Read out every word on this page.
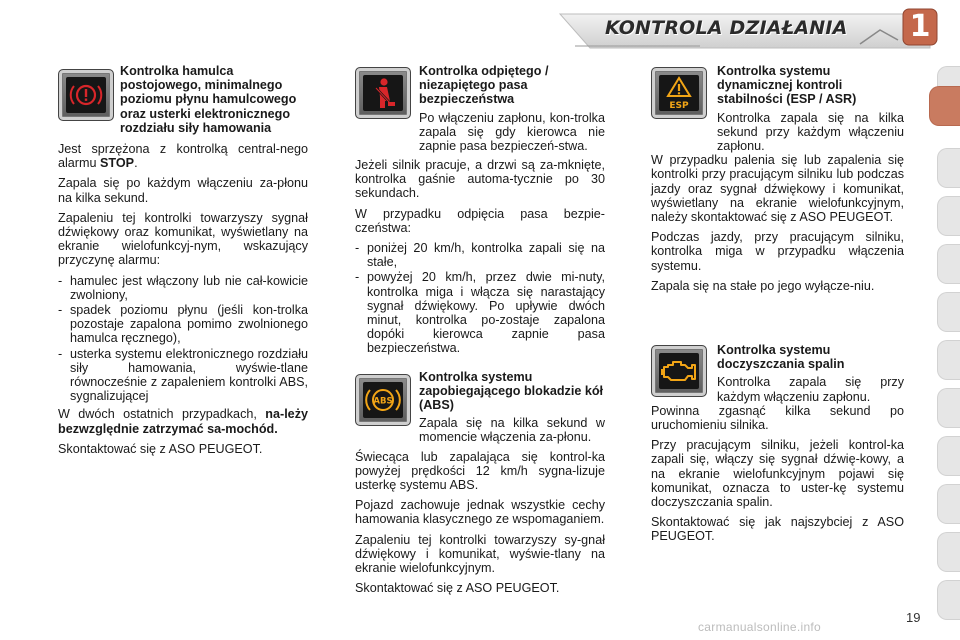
KONTROLA DZIAŁANIA 1
Kontrolka hamulca postojowego, minimalnego poziomu płynu hamulcowego oraz usterki elektronicznego rozdziału siły hamowania

Jest sprzężona z kontrolką central-nego alarmu STOP.

Zapala się po każdym włączeniu za-płonu na kilka sekund.

Zapaleniu tej kontrolki towarzyszy sygnał dźwiękowy oraz komunikat, wyświetlany na ekranie wielofunkcyj-nym, wskazujący przyczynę alarmu:

- hamulec jest włączony lub nie cał-kowicie zwolniony,
- spadek poziomu płynu (jeśli kon-trolka pozostaje zapalona pomimo zwolnionego hamulca ręcznego),
- usterka systemu elektronicznego rozdziału siły hamowania, wyświe-tlane równocześnie z zapaleniem kontrolki ABS, sygnalizującej

W dwóch ostatnich przypadkach, na-leży bezwzględnie zatrzymać sa-mochód.

Skontaktować się z ASO PEUGEOT.

Kontrolka odpiętego / niezapiętego pasa bezpieczeństwa
Po włączeniu zapłonu, kon-trolka zapala się gdy kierowca nie zapnie pasa bezpieczeń-stwa.

Jeżeli silnik pracuje, a drzwi są za-mknięte, kontrolka gaśnie automa-tycznie po 30 sekundach.

W przypadku odpięcia pasa bezpie-czeństwa:

- poniżej 20 km/h, kontrolka zapali się na stałe,
- powyżej 20 km/h, przez dwie mi-nuty, kontrolka miga i włącza się narastający sygnał dźwiękowy. Po upływie dwóch minut, kontrolka po-zostaje zapalona dopóki kierowca zapnie pasa bezpieczeństwa.
ABS
Kontrolka systemu zapobiegającego blokadzie kół (ABS)
Zapala się na kilka sekund w momencie włączenia za-płonu.

Świecąca lub zapalająca się kontrol-ka powyżej prędkości 12 km/h sygna-lizuje usterkę systemu ABS.

Pojazd zachowuje jednak wszystkie cechy hamowania klasycznego ze wspomaganiem.

Zapaleniu tej kontrolki towarzyszy sy-gnał dźwiękowy i komunikat, wyświe-tlany na ekranie wielofunkcyjnym.

Skontaktować się z ASO PEUGEOT.

ESP
Kontrolka systemu dynamicznej kontroli stabilności (ESP / ASR)
Kontrolka zapala się na kilka sekund przy każdym włączeniu zapłonu.

W przypadku palenia się lub zapalenia się kontrolki przy pracującym silniku lub podczas jazdy oraz sygnał dźwiękowy i komunikat, wyświetlany na ekranie wielofunkcyjnym, należy skontaktować się z ASO PEUGEOT.

Podczas jazdy, przy pracującym silniku, kontrolka miga w przypadku włączenia systemu.

Zapala się na stałe po jego wyłącze-niu.

Kontrolka systemu doczyszczania spalin
Kontrolka zapala się przy każdym włączeniu zapłonu.

Powinna zgasnąć kilka sekund po uruchomieniu silnika.

Przy pracującym silniku, jeżeli kontrol-ka zapali się, włączy się sygnał dźwię-kowy, a na ekranie wielofunkcyjnym pojawi się komunikat, oznacza to uster-kę systemu doczyszczania spalin.

Skontaktować się jak najszybciej z ASO PEUGEOT.

19
carmanualsonline.info
